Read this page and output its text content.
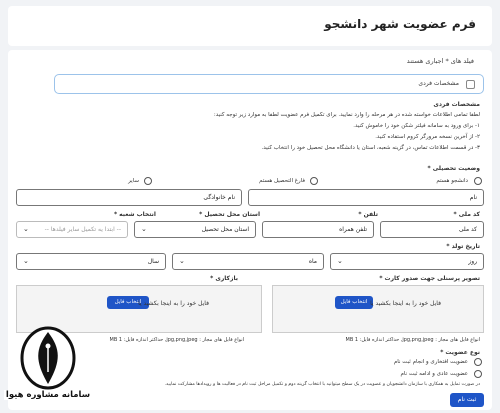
فرم عضویت شهر دانشجو
فیلد های * اجباری هستند
مشخصات فردی
مشخصات فردی
لطفا تمامی اطلاعات خواسته شده در هر مرحله را وارد نمایید. برای تکمیل فرم عضویت لطفا به موارد زیر توجه کنید:
۱- برای ورود به سامانه فیلتر شکن خود را خاموش کنید.
۲- از آخرین نسخه مرورگر کروم استفاده کنید.
۳- در قسمت اطلاعات تماس، در گزینه شعبه، استان یا دانشگاه محل تحصیل خود را انتخاب کنید.
وضعیت تحصیلی *
دانشجو هستم
فارغ التحصیل هستم
سایر
نام
نام خانوادگی
کد ملی *
تلفن *
استان محل تحصیل *
انتخاب شعبه *
کد ملی
تلفن همراه
استان محل تحصیل
⌄
-- ابتدا یه تکمیل سایر فیلدها --
⌄
تاریخ تولد *
روز
⌄
ماه
⌄
سال
⌄
تصویر پرسنلی جهت صدور کارت *
بازکاری *
انتخاب فایل فایل خود را به اینجا بکشید یا
انتخاب فایل
فایل خود را به اینجا بکشید یا
انواع فایل های مجاز : jpg,png,jpeg, حداکثر اندازه فایل: 1 MB
انواع فایل های مجاز : jpg,png,jpeg, حداکثر اندازه فایل: 1 MB
نوع عضویت *
عضویت افتخاری و انجام ثبت نام
عضویت عادی و ادامه ثبت نام
در صورت تمایل به همکاری با سازمان دانشجویان و عضویت در یک سطح میتوانید با انتخاب گزینه دوم و تکمیل مراحل ثبت نام در فعالیت ها و رویدادها مشارکت نمایید.
ثبت نام
سامانه مشاوره هیوا
